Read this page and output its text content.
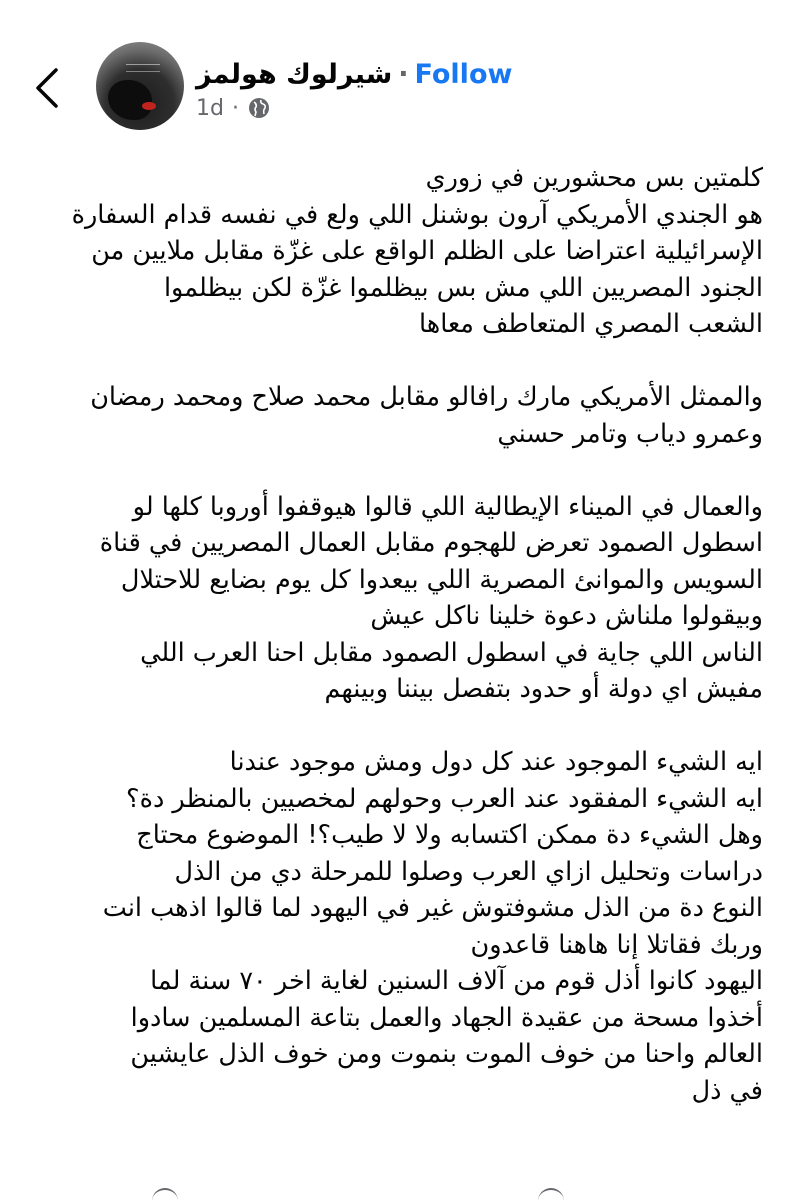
شيرلوك هولمز · Follow
1d ·
كلمتين بس محشورين في زوري
هو الجندي الأمريكي آرون بوشنل اللي ولع في نفسه قدام السفارة
الإسرائيلية اعتراضا على الظلم الواقع على غزّة مقابل ملايين من
الجنود المصريين اللي مش بس بيظلموا غزّة لكن بيظلموا
الشعب المصري المتعاطف معاها
والممثل الأمريكي مارك رافالو مقابل محمد صلاح ومحمد رمضان
وعمرو دياب وتامر حسني
والعمال في الميناء الإيطالية اللي قالوا هيوقفوا أوروبا كلها لو
اسطول الصمود تعرض للهجوم مقابل العمال المصريين في قناة
السويس والموانئ المصرية اللي بيعدوا كل يوم بضايع للاحتلال
وبيقولوا ملناش دعوة خلينا ناكل عيش
الناس اللي جاية في اسطول الصمود مقابل احنا العرب اللي
مفيش اي دولة أو حدود بتفصل بيننا وبينهم
ايه الشيء الموجود عند كل دول ومش موجود عندنا
ايه الشيء المفقود عند العرب وحولهم لمخصيين بالمنظر دة؟
وهل الشيء دة ممكن اكتسابه ولا لا طيب؟! الموضوع محتاج
دراسات وتحليل ازاي العرب وصلوا للمرحلة دي من الذل
النوع دة من الذل مشوفتوش غير في اليهود لما قالوا اذهب انت
وربك فقاتلا إنا هاهنا قاعدون
اليهود كانوا أذل قوم من آلاف السنين لغاية اخر ٧٠ سنة لما
أخذوا مسحة من عقيدة الجهاد والعمل بتاعة المسلمين سادوا
العالم واحنا من خوف الموت بنموت ومن خوف الذل عايشين
في ذل
